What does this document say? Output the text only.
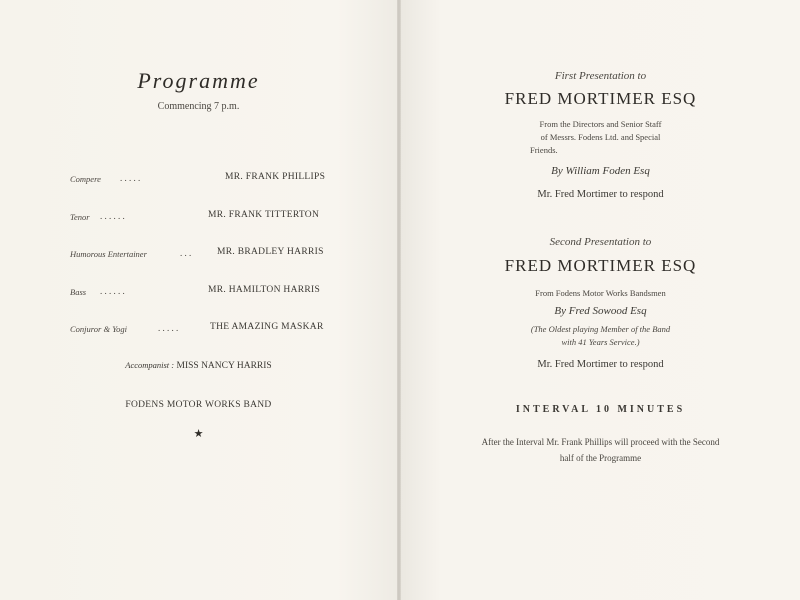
Programme
Commencing 7 p.m.
Compere . . . . .	MR. FRANK PHILLIPS
Tenor . . . . . .	MR. FRANK TITTERTON
Humorous Entertainer	. . .	MR. BRADLEY HARRIS
Bass . . . . . .	MR. HAMILTON HARRIS
Conjuror & Yogi	. . . . .	THE AMAZING MASKAR
Accompanist : MISS NANCY HARRIS
FODENS MOTOR WORKS BAND
★
First Presentation to
FRED MORTIMER ESQ
From the Directors and Senior Staff
of Messrs. Fodens Ltd. and Special
Friends.
By William Foden Esq
Mr. Fred Mortimer to respond
Second Presentation to
FRED MORTIMER ESQ
From Fodens Motor Works Bandsmen
By Fred Sowood Esq
(The Oldest playing Member of the Band
with 41 Years Service.)
Mr. Fred Mortimer to respond
INTERVAL 10 MINUTES
After the Interval Mr. Frank Phillips will proceed with the Second
half of the Programme
